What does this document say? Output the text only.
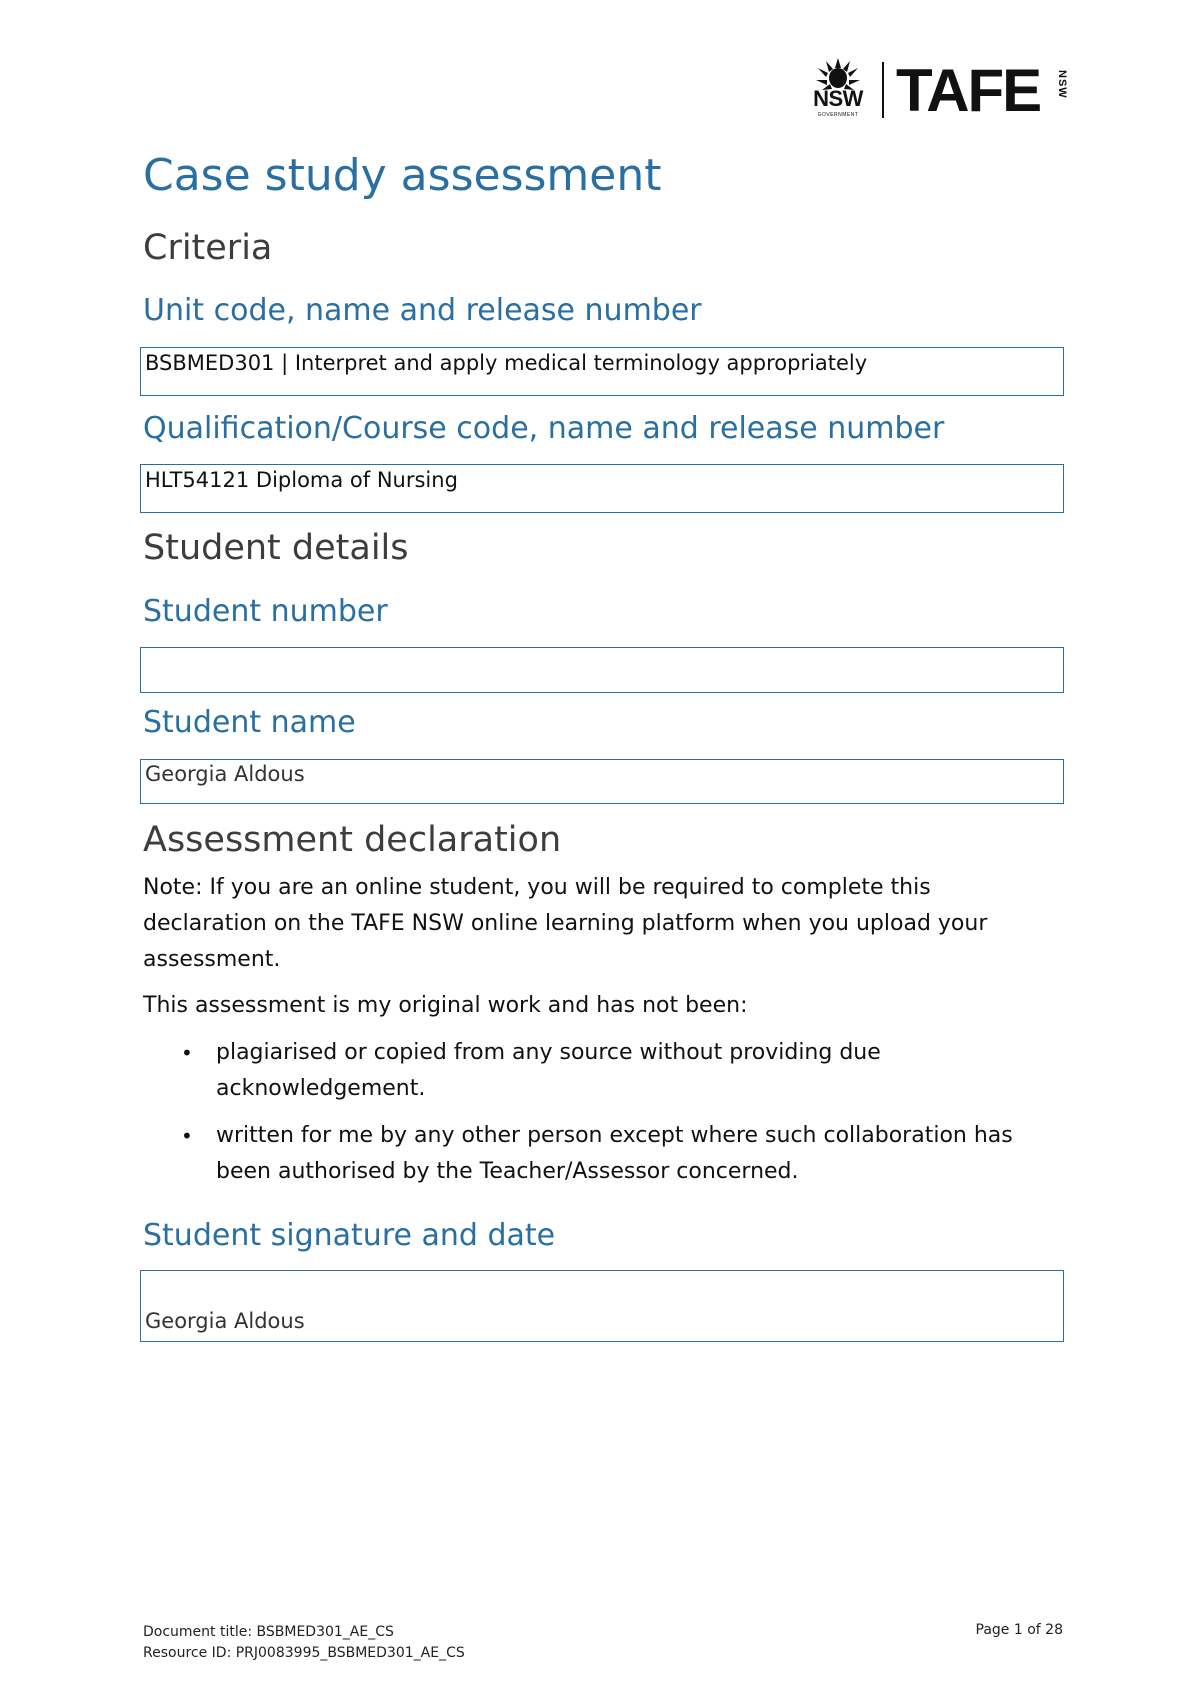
NSW
GOVERNMENT TAFE	NSW
Case study assessment
Criteria
Unit code, name and release number
BSBMED301 | Interpret and apply medical terminology appropriately
Qualification/Course code, name and release number
HLT54121 Diploma of Nursing
Student details
Student number
Student name
Georgia Aldous
Assessment declaration

Note: If you are an online student, you will be required to complete this declaration on the TAFE NSW online learning platform when you upload your assessment.

This assessment is my original work and has not been:

• plagiarised or copied from any source without providing due acknowledgement.
• written for me by any other person except where such collaboration has been authorised by the Teacher/Assessor concerned.
Student signature and date
Georgia Aldous
Document title: BSBMED301_AE_CS
Resource ID: PRJ0083995_BSBMED301_AE_CS
Page 1 of 28
